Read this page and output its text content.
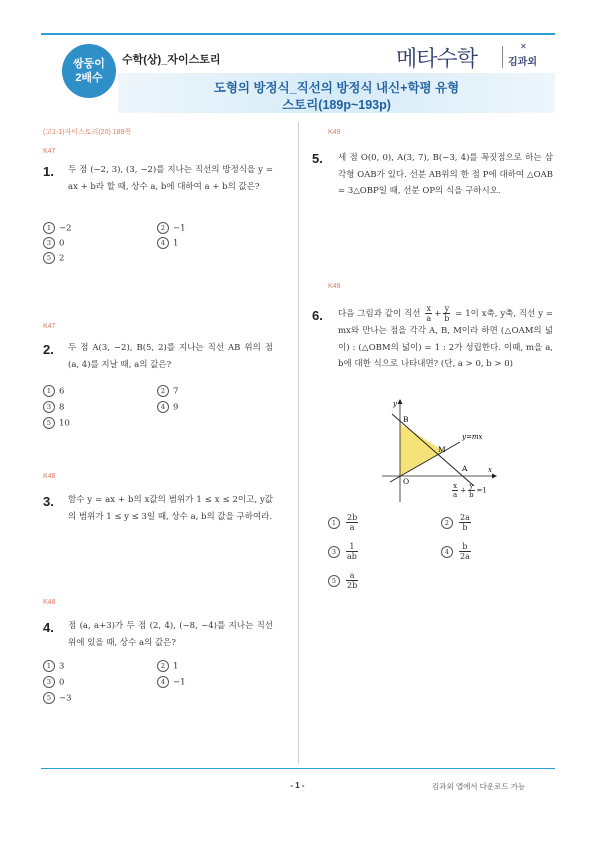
쌍둥이
2배수
수학(상)_자이스토리	메타수학	✕
김과외
도형의 방정식_직선의 방정식 내신+학평 유형
스토리(189p~193p)
(고1-1)자이스토리(20) 189쪽
K47
1. 두 점 (−2, 3), (3, −2)를 지나는 직선의 방정식을 y = ax + b라 할 때, 상수 a, b에 대하여 a + b의 값은?
1 −2	2 −1
3 0	4 1
5 2
K47
2. 두 점 A(3, −2), B(5, 2)를 지나는 직선 AB 위의 점 (a, 4)를 지날 때, a의 값은?
1 6	2 7
3 8	4 9
5 10
K48
3. 함수 y = ax + b의 x값의 범위가 1 ≤ x ≤ 2이고, y값의 범위가 1 ≤ y ≤ 3일 때, 상수 a, b의 값을 구하여라.
K48
4. 점 (a, a+3)가 두 점 (2, 4), (−8, −4)를 지나는 직선 위에 있을 때, 상수 a의 값은?
1 3	2 1
3 0	4 −1
5 −3
K49
5. 세 점 O(0, 0), A(3, 7), B(−3, 4)를 꼭짓점으로 하는 삼각형 OAB가 있다. 선분 AB위의 한 점 P에 대하여 △OAB = 3△OBP일 때, 선분 OP의 식을 구하시오.
K49
6. 다음 그림과 같이 직선 $\frac{x}{a} + \frac{y}{b} = 1$이 x축, y축, 직선 y = mx와 만나는 점을 각각 A, B, M이라 하면 (△OAM의 넓이) : (△OBM의 넓이) = 1 : 2가 성립한다. 이때, m을 a, b에 대한 식으로 나타내면? (단, a > 0, b > 0)
y
x
B
M
A
O
y=mx
$\frac{x}{a} + \frac{y}{b} =1$
$1 \frac{2b}{a}$	$2 \frac{2a}{b}$
$3 \frac{1}{ab}$	$4 \frac{b}{2a}$
$5 \frac{a}{2b}$
- 1 -	김과외 앱에서 다운로드 가능
